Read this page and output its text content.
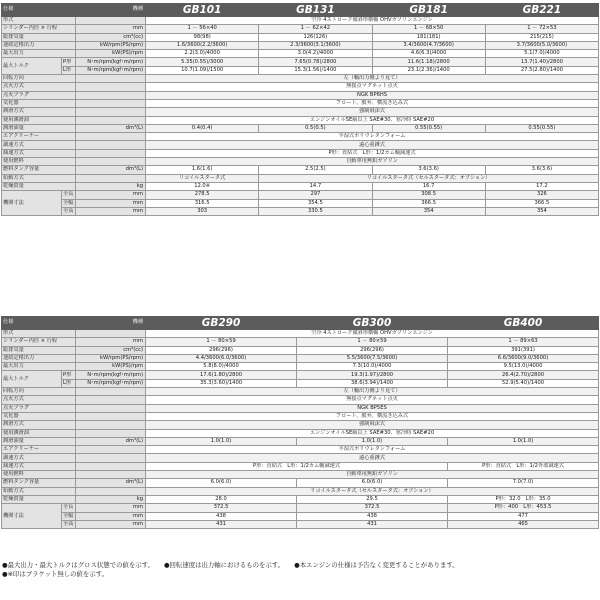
仕様		機種	GB101	GB131	GB181	GB221
形式			空冷 4ストローク傾斜形横軸 OHVガソリンエンジン			
シリンダー内径 × 行程		mm	1 － 56×40	1 － 62×42	1 － 68×50	1 － 72×53
総排気量		cm³(cc)	98(98)	126(126)	181(181)	215(215)
連続定格出力		kW/rpm(PS/rpm)	1.6/3600(2.2/3600)	2.3/3600(3.1/3600)	3.4/3600(4.7/3600)	3.7/3600(5.0/3600)
最大出力		kW(PS)/rpm	2.2(3.0)/4000	3.0(4.2)/4000	4.6(6.3)/4000	5.1(7.0)/4000
最大トルク	P形	N･m/rpm(kgf･m/rpm)	5.35(0.55)/3000	7.65(0.78)/2800	11.6(1.18)/2800	13.7(1.40)/2800
	L形	N･m/rpm(kgf･m/rpm)	10.7(1.09)/1500	15.3(1.56)/1400	23.1(2.36)/1400	27.5(2.80)/1400
回転方向			左（軸出力側より見て）			
点火方式			無接点マグネット点火			
点火プラグ			NGK BP6HS			
気化器			フロート、膜弁、横流き込み式			
潤滑方式			強制飛沫式			
使用潤滑油			エンジンオイルSE級以上 SAE#30、寒冷時 SAE#20			
潤滑油量		dm³(L)	0.4(0.4)	0.5(0.5)	0.55(0.55)	0.55(0.55)
エアクリーナー			半湿式ポリウレタンフォーム			
調速方式			遠心重錘式			
減速方式			P形：直結式　L形：1/2カム軸減速式			
使用燃料			自動車用無鉛ガソリン			
燃料タンク容量		dm³(L)	1.6(1.6)	2.5(2.5)	3.6(3.6)	3.6(3.6)
始動方式			リコイルスタータ式	リコイルスタータ式（セルスタータ式：オプション）		
乾燥質量		kg	12.0※	14.7	16.7	17.2
機関寸法	全長	mm	278.5	297	308.5	326
	全幅	mm	316.5	354.5	366.5	366.5
	全高	mm	303	330.5	354	354
仕様		機種	GB290	GB300	GB400
形式			空冷 4ストローク傾斜形横軸 OHVガソリンエンジン		
シリンダー内径 × 行程		mm	1 － 80×59	1 － 80×59	1 － 89×63
総排気量		cm³(cc)	296(296)	296(296)	391(391)
連続定格出力		kW/rpm(PS/rpm)	4.4/3600(6.0/3600)	5.5/3600(7.5/3600)	6.6/3600(9.0/3600)
最大出力		kW(PS)/rpm	5.8(8.0)/4000	7.3(10.0)/4000	9.5(13.0)/4000
最大トルク	P形	N･m/rpm(kgf･m/rpm)	17.6(1.80)/2800	19.3(1.97)/2800	26.4(2.70)/2800
	L形	N･m/rpm(kgf･m/rpm)	35.3(3.60)/1400	38.6(3.94)/1400	52.9(5.40)/1400
回転方向			左（軸出力側より見て）		
点火方式			無接点マグネット点火		
点火プラグ			NGK BP5ES		
気化器			フロート、膜弁、横流き込み式		
潤滑方式			強制飛沫式		
使用潤滑油			エンジンオイルSE級以上 SAE#30、寒冷時 SAE#20		
潤滑油量		dm³(L)	1.0(1.0)	1.0(1.0)	1.0(1.0)
エアクリーナー			半湿式ポリウレタンフォーム		
調速方式			遠心重錘式		
減速方式			P形：直結式　L形：1/2カム軸減速式		P形：直結式　L形：1/2外部減速式
使用燃料			自動車用無鉛ガソリン		
燃料タンク容量		dm³(L)	6.0(6.0)	6.0(6.0)	7.0(7.0)
始動方式			リコイルスタータ式（セルスタータ式：オプション）		
乾燥質量		kg	28.0	29.5	P形：32.0　L形：35.0
機関寸法	全長	mm	372.5	372.5	P形：400　L形：453.5
	全幅	mm	438	438	477
	全高	mm	431	431	465
●最大出力・最大トルクはグロス状態での値を示す。 ●回転速度は出力軸におけるものを示す。 ●本エンジンの仕様は予告なく変更することがあります。
●※印はブラケット無しの値を示す。
